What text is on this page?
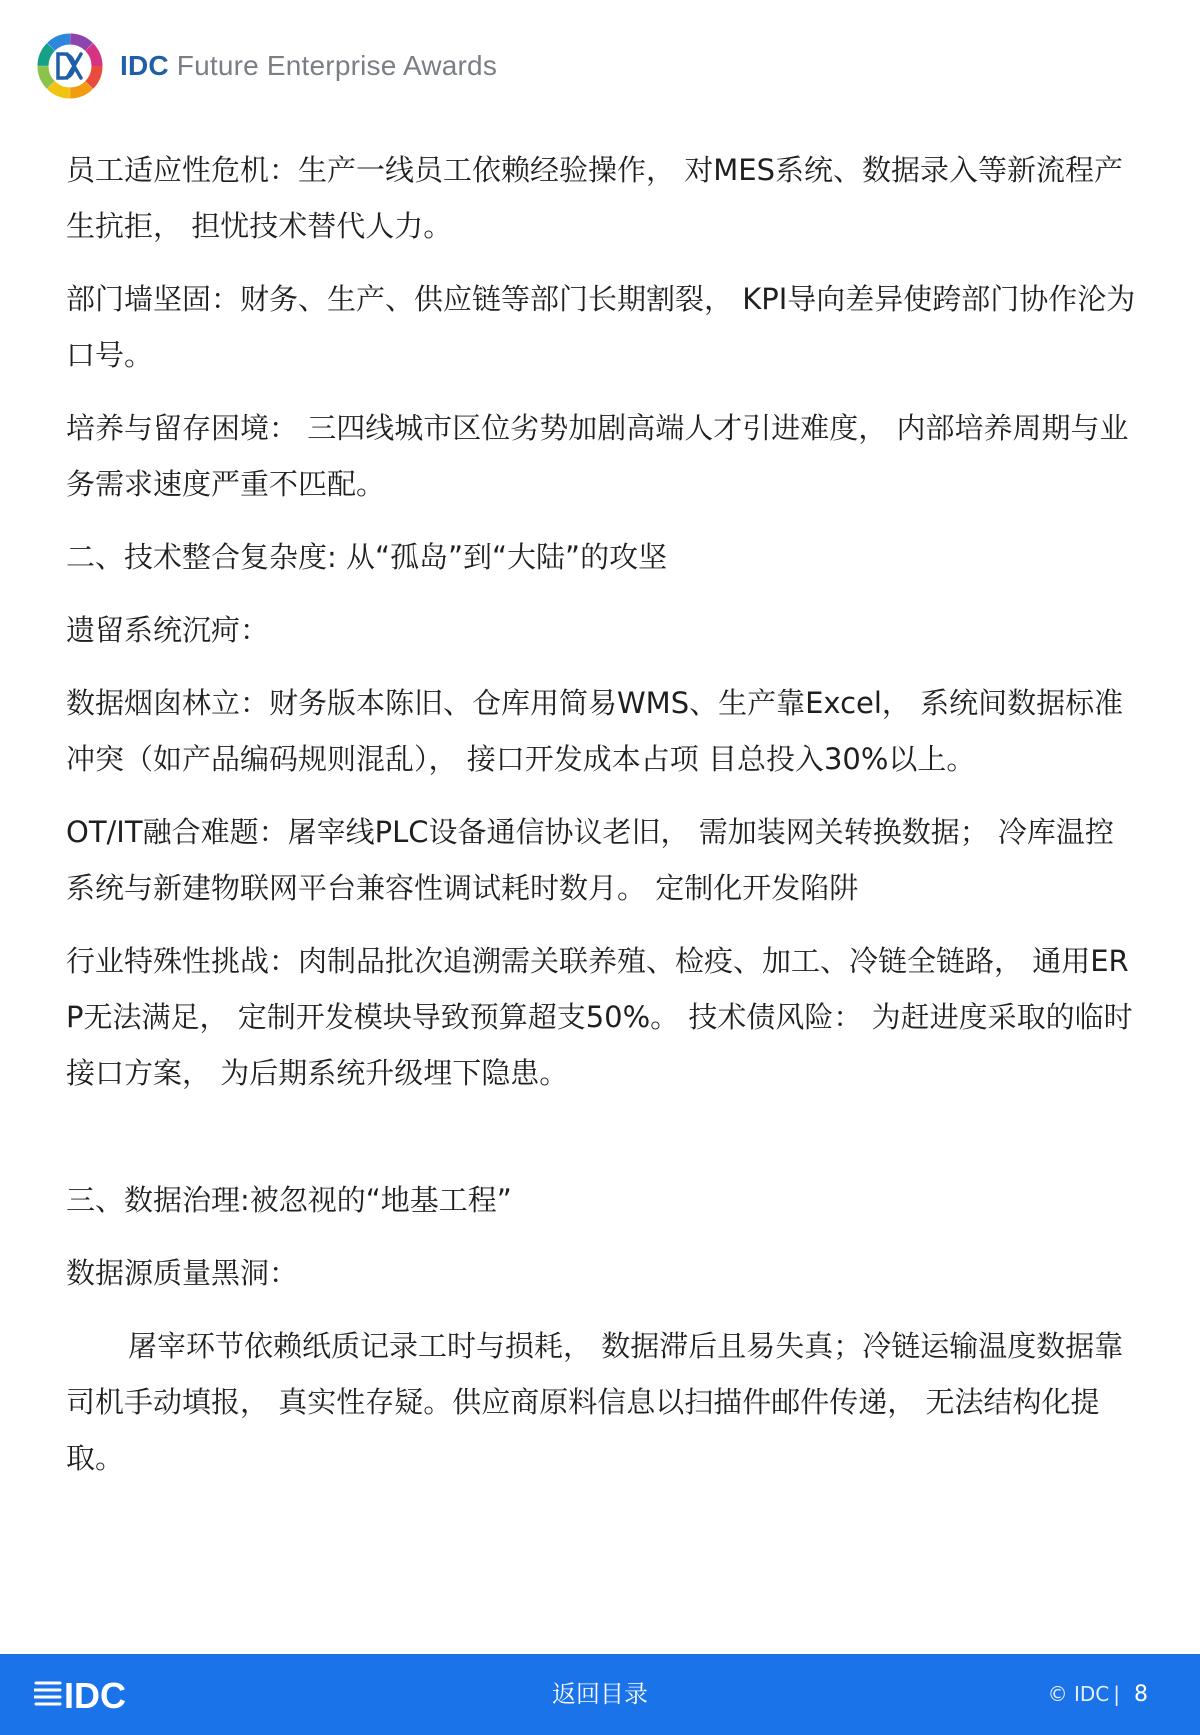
IDC Future Enterprise Awards

员工适应性危机：生产一线员工依赖经验操作， 对MES系统、数据录入等新流程产生抗拒， 担忧技术替代人力。

部门墙坚固：财务、生产、供应链等部门长期割裂， KPI导向差异使跨部门协作沦为口号。

培养与留存困境： 三四线城市区位劣势加剧高端人才引进难度， 内部培养周期与业务需求速度严重不匹配。

二、技术整合复杂度: 从“孤岛”到“大陆”的攻坚

遗留系统沉疴：

数据烟囱林立：财务版本陈旧、仓库用简易WMS、生产靠Excel， 系统间数据标准冲突（如产品编码规则混乱）， 接口开发成本占项 目总投入30%以上。

OT/IT融合难题：屠宰线PLC设备通信协议老旧， 需加装网关转换数据； 冷库温控系统与新建物联网平台兼容性调试耗时数月。 定制化开发陷阱

行业特殊性挑战：肉制品批次追溯需关联养殖、检疫、加工、冷链全链路， 通用ERP无法满足， 定制开发模块导致预算超支50%。 技术债风险： 为赶进度采取的临时接口方案， 为后期系统升级埋下隐患。

三、数据治理:被忽视的“地基工程”

数据源质量黑洞：

屠宰环节依赖纸质记录工时与损耗， 数据滞后且易失真；冷链运输温度数据靠司机手动填报， 真实性存疑。供应商原料信息以扫描件邮件传递， 无法结构化提取。

IDC	返回目录	© IDC | 8
